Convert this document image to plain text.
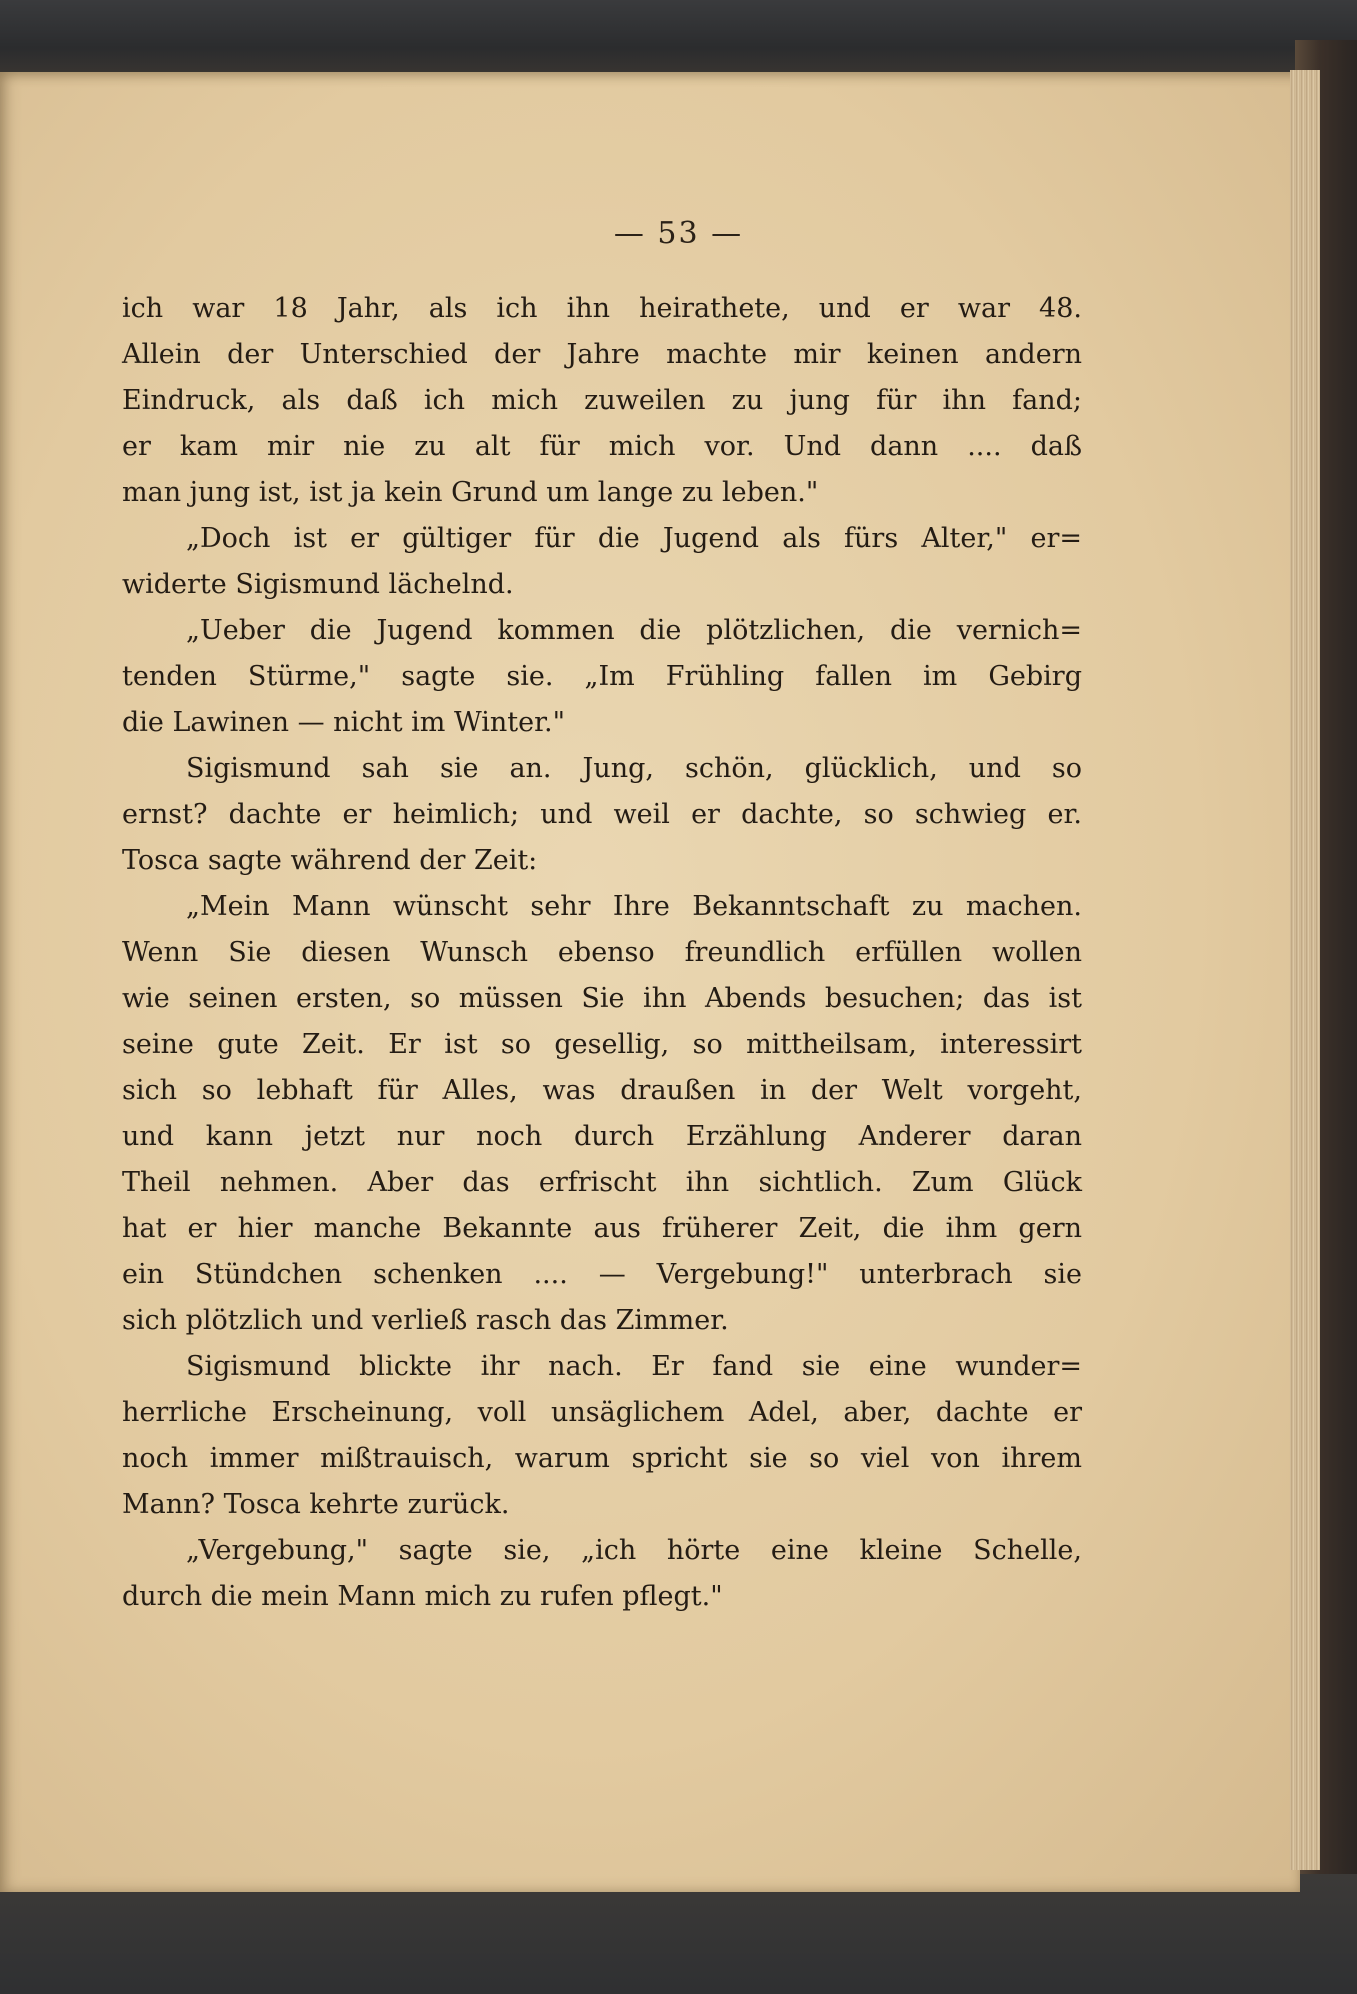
— 53 —
ich war 18 Jahr, als ich ihn heirathete, und er war 48.
Allein der Unterschied der Jahre machte mir keinen andern
Eindruck, als daß ich mich zuweilen zu jung für ihn fand;
er kam mir nie zu alt für mich vor. Und dann .... daß
man jung ist, ist ja kein Grund um lange zu leben."
„Doch ist er gültiger für die Jugend als fürs Alter," er=
widerte Sigismund lächelnd.
„Ueber die Jugend kommen die plötzlichen, die vernich=
tenden Stürme," sagte sie. „Im Frühling fallen im Gebirg
die Lawinen — nicht im Winter."
Sigismund sah sie an. Jung, schön, glücklich, und so
ernst? dachte er heimlich; und weil er dachte, so schwieg er.
Tosca sagte während der Zeit:
„Mein Mann wünscht sehr Ihre Bekanntschaft zu machen.
Wenn Sie diesen Wunsch ebenso freundlich erfüllen wollen
wie seinen ersten, so müssen Sie ihn Abends besuchen; das ist
seine gute Zeit. Er ist so gesellig, so mittheilsam, interessirt
sich so lebhaft für Alles, was draußen in der Welt vorgeht,
und kann jetzt nur noch durch Erzählung Anderer daran
Theil nehmen. Aber das erfrischt ihn sichtlich. Zum Glück
hat er hier manche Bekannte aus früherer Zeit, die ihm gern
ein Stündchen schenken .... — Vergebung!" unterbrach sie
sich plötzlich und verließ rasch das Zimmer.
Sigismund blickte ihr nach. Er fand sie eine wunder=
herrliche Erscheinung, voll unsäglichem Adel, aber, dachte er
noch immer mißtrauisch, warum spricht sie so viel von ihrem
Mann? Tosca kehrte zurück.
„Vergebung," sagte sie, „ich hörte eine kleine Schelle,
durch die mein Mann mich zu rufen pflegt."
